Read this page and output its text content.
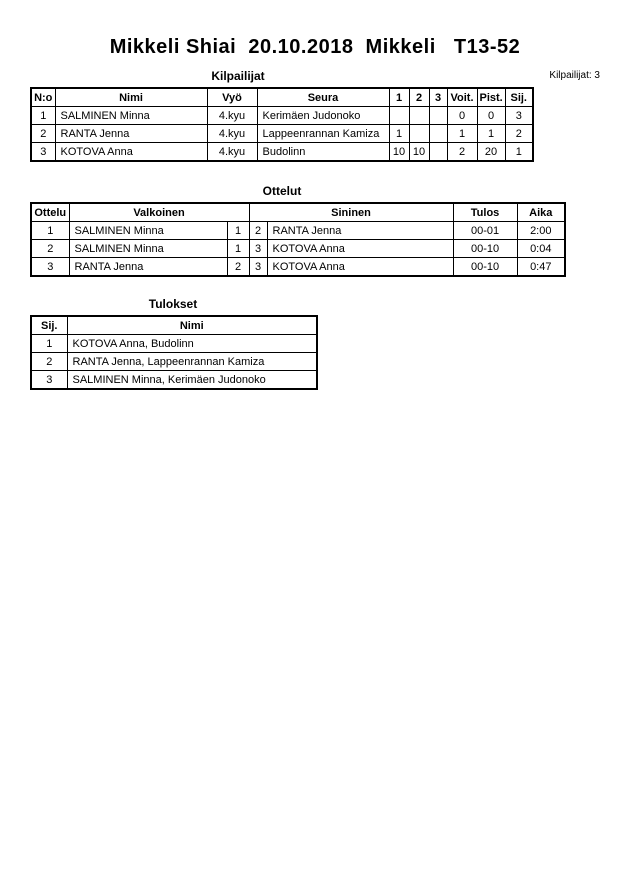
Mikkeli Shiai  20.10.2018  Mikkeli   T13-52
Kilpailijat	Kilpailijat: 3
N:o	Nimi	Vyö	Seura	1	2	3	Voit.	Pist.	Sij.
1	SALMINEN Minna	4.kyu	Kerimäen Judonoko				0	0	3
2	RANTA Jenna	4.kyu	Lappeenrannan Kamiza	1			1	1	2
3	KOTOVA Anna	4.kyu	Budolinn	10	10		2	20	1
Ottelut
Ottelu	Valkoinen		Sininen		Tulos	Aika
1	SALMINEN Minna	1	2	RANTA Jenna	00-01	2:00
2	SALMINEN Minna	1	3	KOTOVA Anna	00-10	0:04
3	RANTA Jenna	2	3	KOTOVA Anna	00-10	0:47
Tulokset
Sij.	Nimi
1	KOTOVA Anna, Budolinn
2	RANTA Jenna, Lappeenrannan Kamiza
3	SALMINEN Minna, Kerimäen Judonoko
